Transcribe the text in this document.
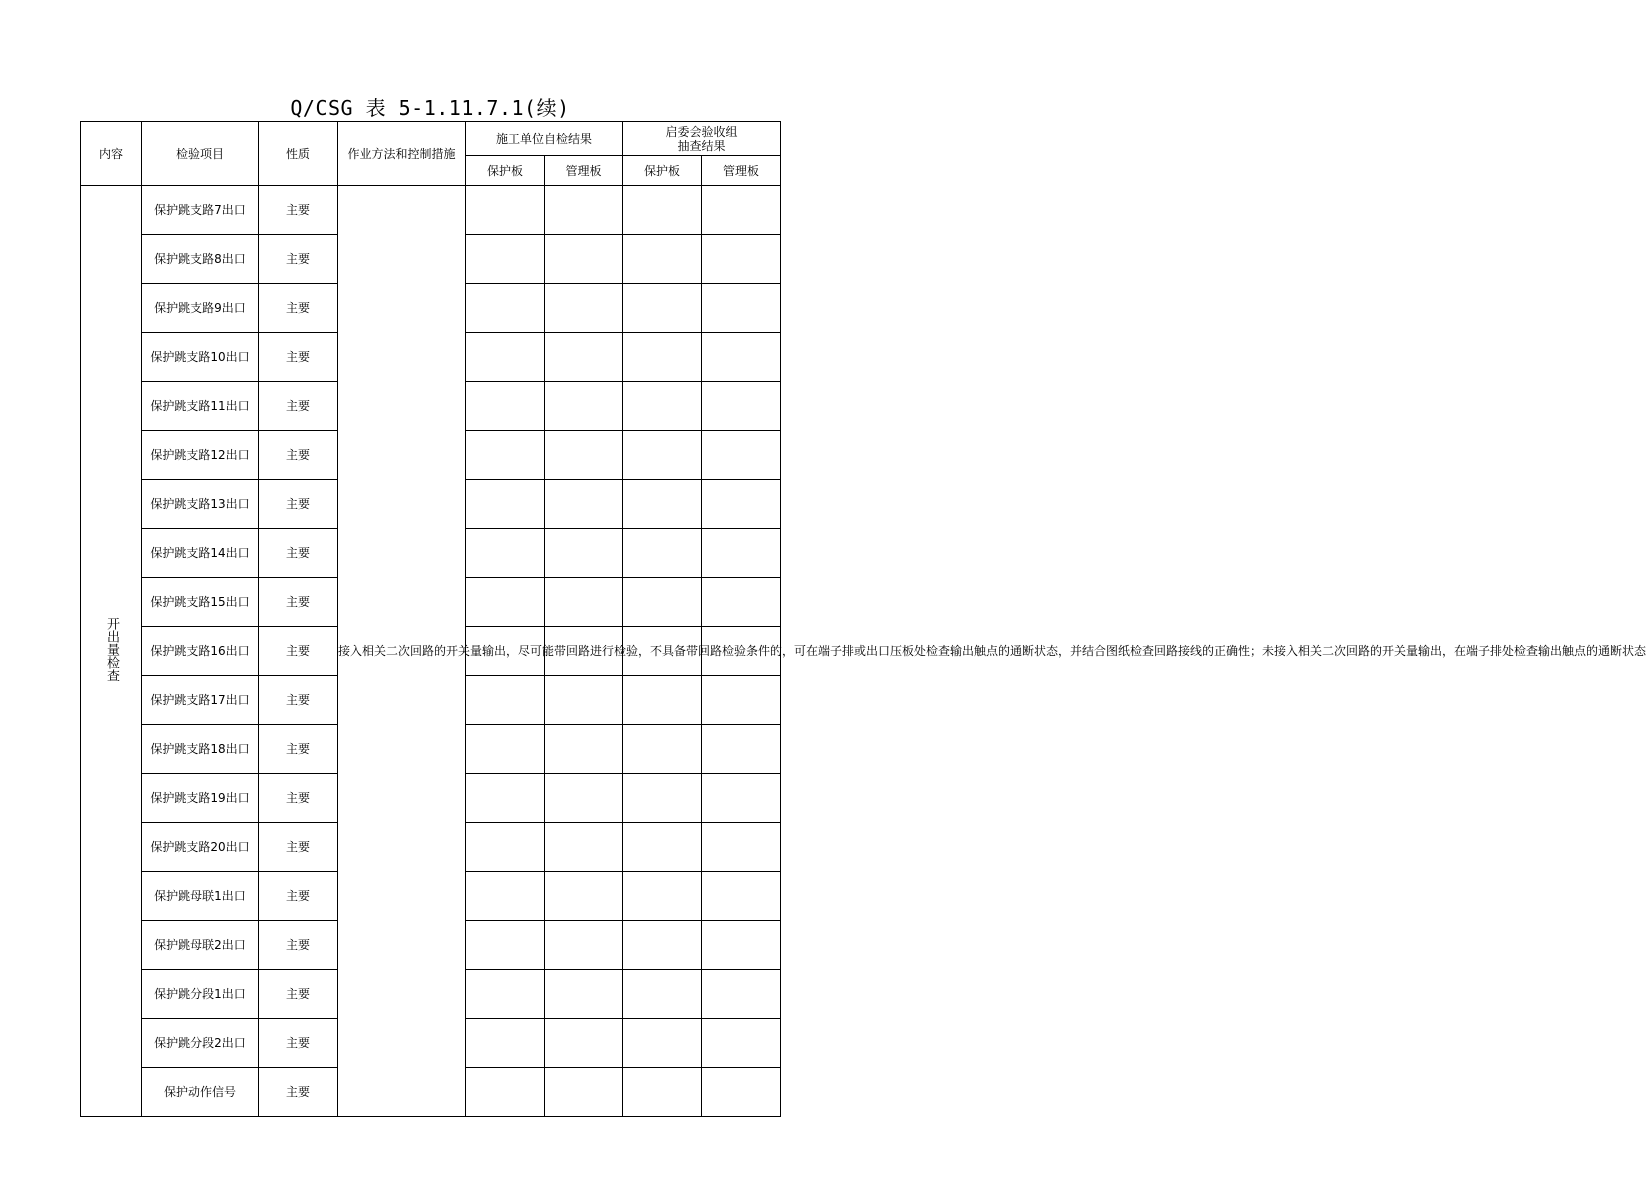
Q/CSG 表 5-1.11.7.1(续)
内容	检验项目	性质	作业方法和控制措施	施工单位自检结果		启委会验收组
抽查结果	

				保护板	管理板	保护板	管理板
开出量检查	保护跳支路7出口	主要	接入相关二次回路的开关量输出，尽可能带回路进行检验，不具备带回路检验条件的，可在端子排或出口压板处检查输出触点的通断状态，并结合图纸检查回路接线的正确性；未接入相关二次回路的开关量输出，在端子排处检查输出触点的通断状态				
	保护跳支路8出口	主要					
	保护跳支路9出口	主要					
	保护跳支路10出口	主要					
	保护跳支路11出口	主要					
	保护跳支路12出口	主要					
	保护跳支路13出口	主要					
	保护跳支路14出口	主要					
	保护跳支路15出口	主要					
	保护跳支路16出口	主要					
	保护跳支路17出口	主要					
	保护跳支路18出口	主要					
	保护跳支路19出口	主要					
	保护跳支路20出口	主要					
	保护跳母联1出口	主要					
	保护跳母联2出口	主要					
	保护跳分段1出口	主要					
	保护跳分段2出口	主要					
	保护动作信号	主要					
